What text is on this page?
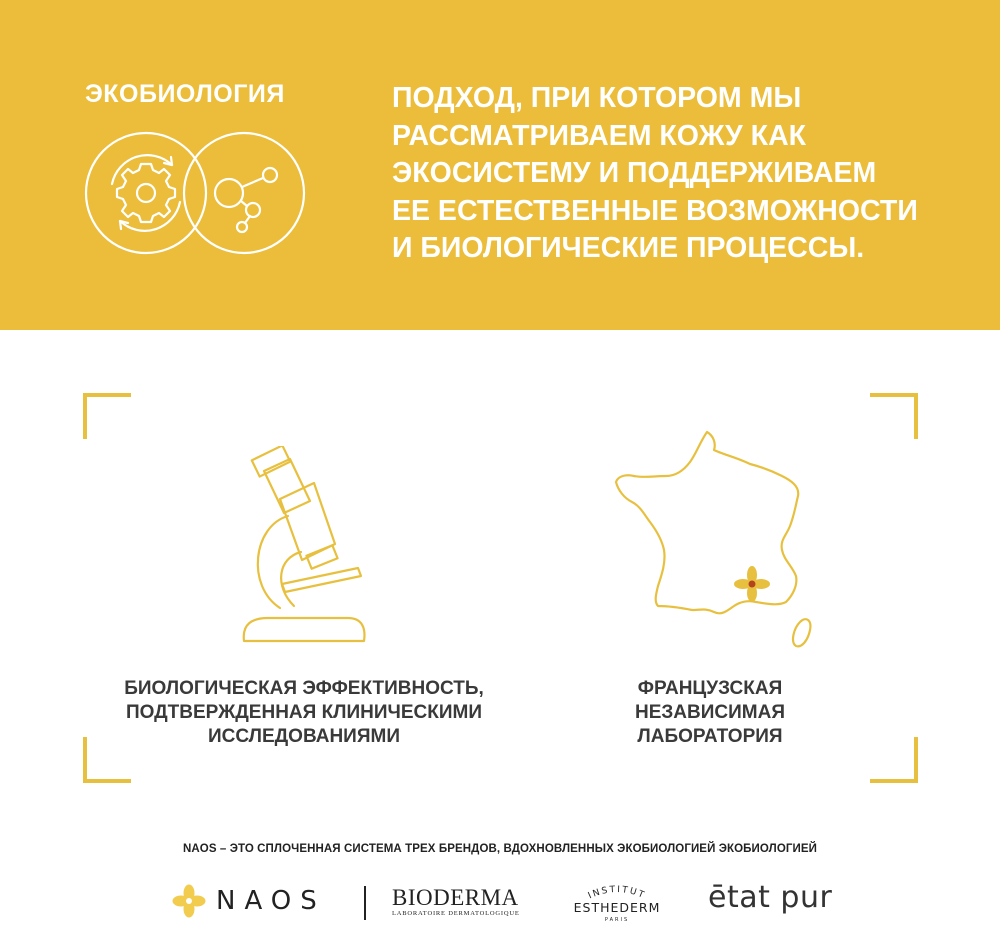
ЭКОБИОЛОГИЯ	ПОДХОД, ПРИ КОТОРОМ МЫ
РАССМАТРИВАЕМ КОЖУ КАК
ЭКОСИСТЕМУ И ПОДДЕРЖИВАЕМ
ЕЕ ЕСТЕСТВЕННЫЕ ВОЗМОЖНОСТИ
И БИОЛОГИЧЕСКИЕ ПРОЦЕССЫ.

БИОЛОГИЧЕСКАЯ ЭФФЕКТИВНОСТЬ,
ПОДТВЕРЖДЕННАЯ КЛИНИЧЕСКИМИ
ИССЛЕДОВАНИЯМИ

ФРАНЦУЗСКАЯ
НЕЗАВИСИМАЯ
ЛАБОРАТОРИЯ

NAOS – ЭТО СПЛОЧЕННАЯ СИСТЕМА ТРЕХ БРЕНДОВ, ВДОХНОВЛЕННЫХ ЭКОБИОЛОГИЕЙ ЭКОБИОЛОГИЕЙ

NAOS	BIODERMA
LABORATOIRE DERMATOLOGIQUE
INSTITUT
ESTHEDERM
PARIS

ētat pur
